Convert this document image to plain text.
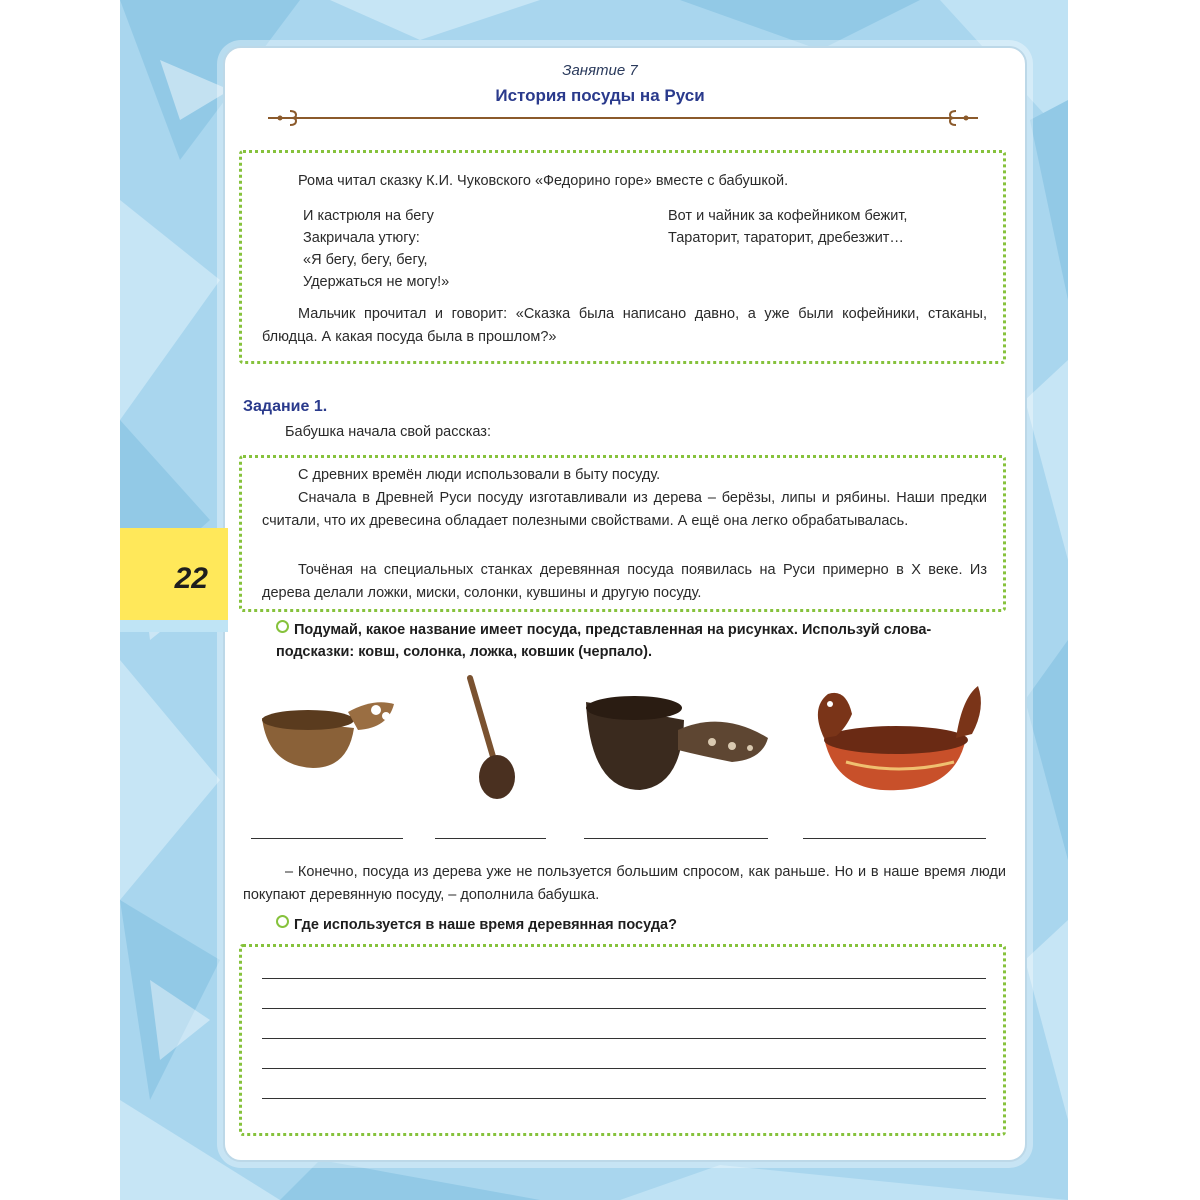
22
Занятие 7
История посуды на Руси
Рома читал сказку К.И. Чуковского «Федорино горе» вместе с бабушкой.
И кастрюля на бегу
Закричала утюгу:
«Я бегу, бегу, бегу,
Удержаться не могу!»
Вот и чайник за кофейником бежит,
Тараторит, тараторит, дребезжит…
Мальчик прочитал и говорит: «Сказка была написано давно, а уже были кофейники, стаканы, блюдца. А какая посуда была в прошлом?»
Задание 1.
Бабушка начала свой рассказ:
С древних времён люди использовали в быту посуду.
Сначала в Древней Руси посуду изготавливали из дерева – берёзы, липы и рябины. Наши предки считали, что их древесина обладает полезными свойствами. А ещё она легко обрабатывалась.
Точёная на специальных станках деревянная посуда появилась на Руси примерно в X веке. Из дерева делали ложки, миски, солонки, кувшины и другую посуду.
Подумай, какое название имеет посуда, представленная на рисунках. Используй слова-подсказки: ковш, солонка, ложка, ковшик (черпало).
– Конечно, посуда из дерева уже не пользуется большим спросом, как раньше. Но и в наше время люди покупают деревянную посуду, – дополнила бабушка.
Где используется в наше время деревянная посуда?
